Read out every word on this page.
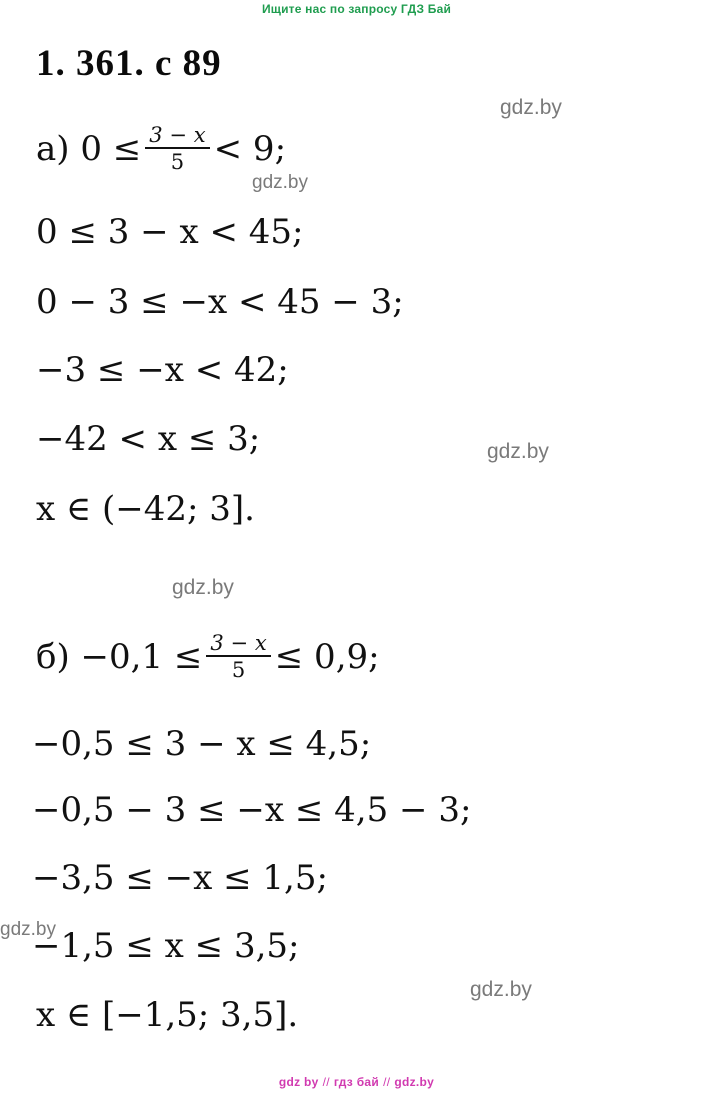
Ищите нас по запросу ГДЗ Бай
1. 361. c 89
gdz.by
gdz.by
gdz.by
gdz.by
gdz.by
gdz.by
а) $0 \le \frac{3 - x}{5} < 9$;
0 ≤ 3 − x < 45;
0 − 3 ≤ −x < 45 − 3;
−3 ≤ −x < 42;
−42 < x ≤ 3;
x ∈ (−42; 3].
$б) -0,1 \le \frac{3 - x}{5} \le 0,9$;
−0,5 ≤ 3 − x ≤ 4,5;
−0,5 − 3 ≤ −x ≤ 4,5 − 3;
−3,5 ≤ −x ≤ 1,5;
−1,5 ≤ x ≤ 3,5;
x ∈ [−1,5; 3,5].
gdz by // гдз бай // gdz.by
